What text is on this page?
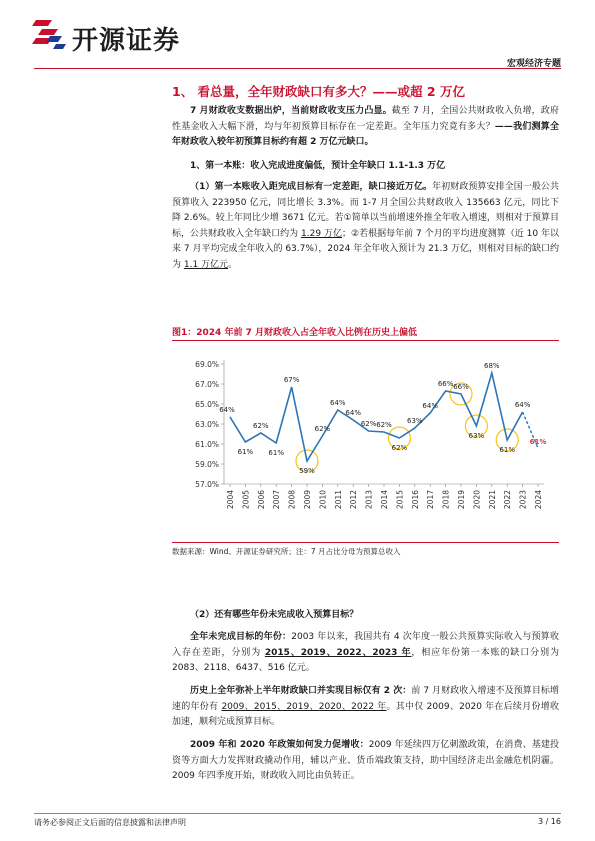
开源证券
宏观经济专题
1、 看总量，全年财政缺口有多大？——或超 2 万亿
7 月财政收支数据出炉，当前财政收支压力凸显。截至 7 月，全国公共财政收入负增，政府性基金收入大幅下滑，均与年初预算目标存在一定差距。全年压力究竟有多大？——我们测算全年财政收入较年初预算目标约有超 2 万亿元缺口。
1、第一本账：收入完成进度偏低，预计全年缺口 1.1-1.3 万亿
（1）第一本账收入距完成目标有一定差距，缺口接近万亿。年初财政预算安排全国一般公共预算收入 223950 亿元，同比增长 3.3%。而 1-7 月全国公共财政收入 135663 亿元，同比下降 2.6%。较上年同比少增 3671 亿元。若①简单以当前增速外推全年收入增速，则相对于预算目标，公共财政收入全年缺口约为 1.29 万亿；②若根据每年前 7 个月的平均进度测算（近 10 年以来 7 月平均完成全年收入的 63.7%），2024 年全年收入预计为 21.3 万亿，则相对目标的缺口约为 1.1 万亿元。
图1：2024 年前 7 月财政收入占全年收入比例在历史上偏低
57.0%
59.0%
61.0%
63.0%
65.0%
67.0%
69.0%
2004 2005 2006 2007 2008 2009 2010 2011 2012 2013 2014 2015 2016 2017 2018 2019 2020 2021 2022 2023 2024
64%
61%
62%
61%
67%
59%
62%
64%
64%
62% 62%
62%
63%
64%
66% 66%
63%
68%
61%
64%
61%
数据来源：Wind、开源证券研究所；注：7 月占比分母为预算总收入
（2）还有哪些年份未完成收入预算目标？
全年未完成目标的年份：2003 年以来，我国共有 4 次年度一般公共预算实际收入与预算收入存在差距，分别为 2015、2019、2022、2023 年，相应年份第一本账的缺口分别为 2083、2118、6437、516 亿元。
历史上全年弥补上半年财政缺口并实现目标仅有 2 次：前 7 月财政收入增速不及预算目标增速的年份有 2009、2015、2019、2020、2022 年。其中仅 2009、2020 年在后续月份增收加速，顺利完成预算目标。
2009 年和 2020 年政策如何发力促增收：2009 年延续四万亿刺激政策，在消费、基建投资等方面大力发挥财政撬动作用，辅以产业、货币端政策支持，助中国经济走出金融危机阴霾。2009 年四季度开始，财政收入同比由负转正。
请务必参阅正文后面的信息披露和法律声明	3 / 16
